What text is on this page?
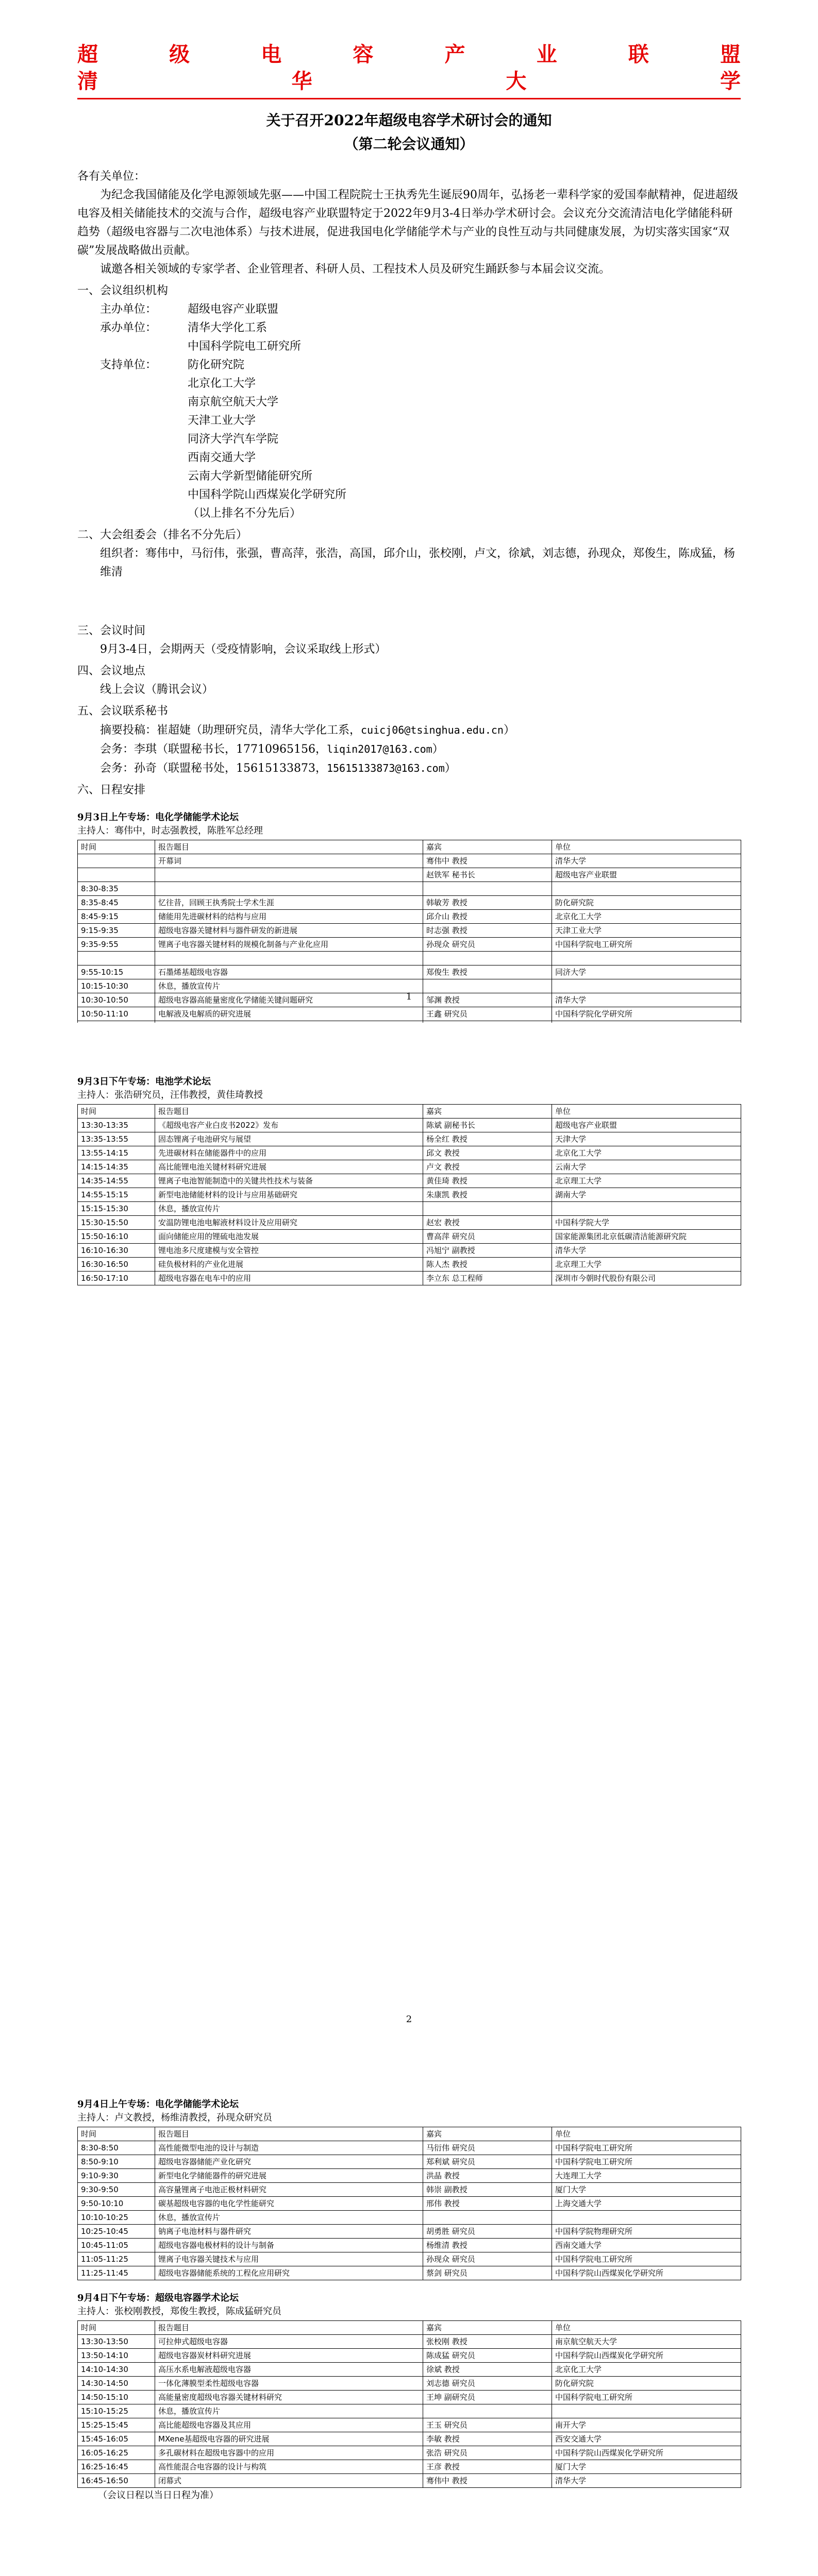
超	级	电	容	产	业	联	盟
清	华	大	学
关于召开2022年超级电容学术研讨会的通知
（第二轮会议通知）

各有关单位：

为纪念我国储能及化学电源领域先驱——中国工程院院士王执秀先生诞辰90周年，弘扬老一辈科学家的爱国奉献精神，促进超级电容及相关储能技术的交流与合作，超级电容产业联盟特定于2022年9月3-4日举办学术研讨会。会议充分交流清洁电化学储能科研趋势（超级电容器与二次电池体系）与技术进展，促进我国电化学储能学术与产业的良性互动与共同健康发展，为切实落实国家“双碳”发展战略做出贡献。

诚邀各相关领域的专家学者、企业管理者、科研人员、工程技术人员及研究生踊跃参与本届会议交流。

一、会议组织机构

主办单位：	超级电容产业联盟
承办单位：	清华大学化工系
中国科学院电工研究所
支持单位：	防化研究院
北京化工大学
南京航空航天大学
天津工业大学
同济大学汽车学院
西南交通大学
云南大学新型储能研究所
中国科学院山西煤炭化学研究所
（以上排名不分先后）

二、大会组委会（排名不分先后）

组织者：骞伟中，马衍伟，张强，曹高萍，张浩，高国，邱介山，张校刚，卢文，徐斌，刘志德，孙现众，郑俊生，陈成猛，杨维清

三、会议时间

9月3-4日，会期两天（受疫情影响，会议采取线上形式）

四、会议地点

线上会议（腾讯会议）

五、会议联系秘书

摘要投稿：崔超婕（助理研究员，清华大学化工系，cuicj06@tsinghua.edu.cn）

会务：李琪（联盟秘书长，17710965156，liqin2017@163.com）

会务：孙奇（联盟秘书处，15615133873，15615133873@163.com）

六、日程安排

9月3日上午专场：电化学储能学术论坛
主持人：骞伟中，时志强教授，陈胜军总经理
时间	报告题目	嘉宾	单位
	开幕词	骞伟中 教授	清华大学
		赵铁军 秘书长	超级电容产业联盟
8:30-8:35			
8:35-8:45	忆往昔，回顾王执秀院士学术生涯	韩敏芳 教授	防化研究院
8:45-9:15	储能用先进碳材料的结构与应用	邱介山 教授	北京化工大学
9:15-9:35	超级电容器关键材料与器件研发的新进展	时志强 教授	天津工业大学
9:35-9:55	锂离子电容器关键材料的规模化制备与产业化应用	孙现众 研究员	中国科学院电工研究所

9:55-10:15	石墨烯基超级电容器	郑俊生 教授	同济大学
10:15-10:30	休息，播放宣传片		
10:30-10:50	超级电容器高能量密度化学储能关键问题研究	邹渊 教授	清华大学
10:50-11:10	电解液及电解质的研究进展	王鑫 研究员	中国科学院化学研究所

1
9月3日下午专场：电池学术论坛
主持人：张浩研究员，汪伟教授，黄佳琦教授
时间	报告题目	嘉宾	单位
13:30-13:35	《超级电容产业白皮书2022》发布	陈斌 副秘书长	超级电容产业联盟
13:35-13:55	固态锂离子电池研究与展望	杨全红 教授	天津大学
13:55-14:15	先进碳材料在储能器件中的应用	邱文 教授	北京化工大学
14:15-14:35	高比能锂电池关键材料研究进展	卢文 教授	云南大学
14:35-14:55	锂离子电池智能制造中的关键共性技术与装备	黄佳琦 教授	北京理工大学
14:55-15:15	新型电池储能材料的设计与应用基础研究	朱康凯 教授	湖南大学
15:15-15:30	休息，播放宣传片		
15:30-15:50	安温防锂电池电解液材料设计及应用研究	赵宏 教授	中国科学院大学
15:50-16:10	面向储能应用的锂硫电池发展	曹高萍 研究员	国家能源集团北京低碳清洁能源研究院
16:10-16:30	锂电池多尺度建模与安全管控	冯旭宁 副教授	清华大学
16:30-16:50	硅负极材料的产业化进展	陈人杰 教授	北京理工大学
16:50-17:10	超级电容器在电车中的应用	李立东 总工程师	深圳市今朝时代股份有限公司
2
9月4日上午专场：电化学储能学术论坛
主持人：卢文教授，杨维清教授，孙现众研究员
时间	报告题目	嘉宾	单位
8:30-8:50	高性能微型电池的设计与制造	马衍伟 研究员	中国科学院电工研究所
8:50-9:10	超级电容器储能产业化研究	郑利斌 研究员	中国科学院电工研究所
9:10-9:30	新型电化学储能器件的研究进展	洪晶 教授	大连理工大学
9:30-9:50	高容量锂离子电池正极材料研究	韩崇 副教授	厦门大学
9:50-10:10	碳基超级电容器的电化学性能研究	邢伟 教授	上海交通大学
10:10-10:25	休息，播放宣传片		
10:25-10:45	钠离子电池材料与器件研究	胡勇胜 研究员	中国科学院物理研究所
10:45-11:05	超级电容器电极材料的设计与制备	杨维清 教授	西南交通大学
11:05-11:25	锂离子电容器关键技术与应用	孙现众 研究员	中国科学院电工研究所
11:25-11:45	超级电容器储能系统的工程化应用研究	蔡剑 研究员	中国科学院山西煤炭化学研究所
9月4日下午专场：超级电容器学术论坛
主持人：张校刚教授，郑俊生教授，陈成猛研究员
时间	报告题目	嘉宾	单位
13:30-13:50	可拉伸式超级电容器	张校刚 教授	南京航空航天大学
13:50-14:10	超级电容器炭材料研究进展	陈成猛 研究员	中国科学院山西煤炭化学研究所
14:10-14:30	高压水系电解液超级电容器	徐斌 教授	北京化工大学
14:30-14:50	一体化薄膜型柔性超级电容器	刘志德 研究员	防化研究院
14:50-15:10	高能量密度超级电容器关键材料研究	王坤 副研究员	中国科学院电工研究所
15:10-15:25	休息，播放宣传片		
15:25-15:45	高比能超级电容器及其应用	王玉 研究员	南开大学
15:45-16:05	MXene基超级电容器的研究进展	李敏 教授	西安交通大学
16:05-16:25	多孔碳材料在超级电容器中的应用	张浩 研究员	中国科学院山西煤炭化学研究所
16:25-16:45	高性能混合电容器的设计与构筑	王彦 教授	厦门大学
16:45-16:50	闭幕式	骞伟中 教授	清华大学

（会议日程以当日日程为准）
